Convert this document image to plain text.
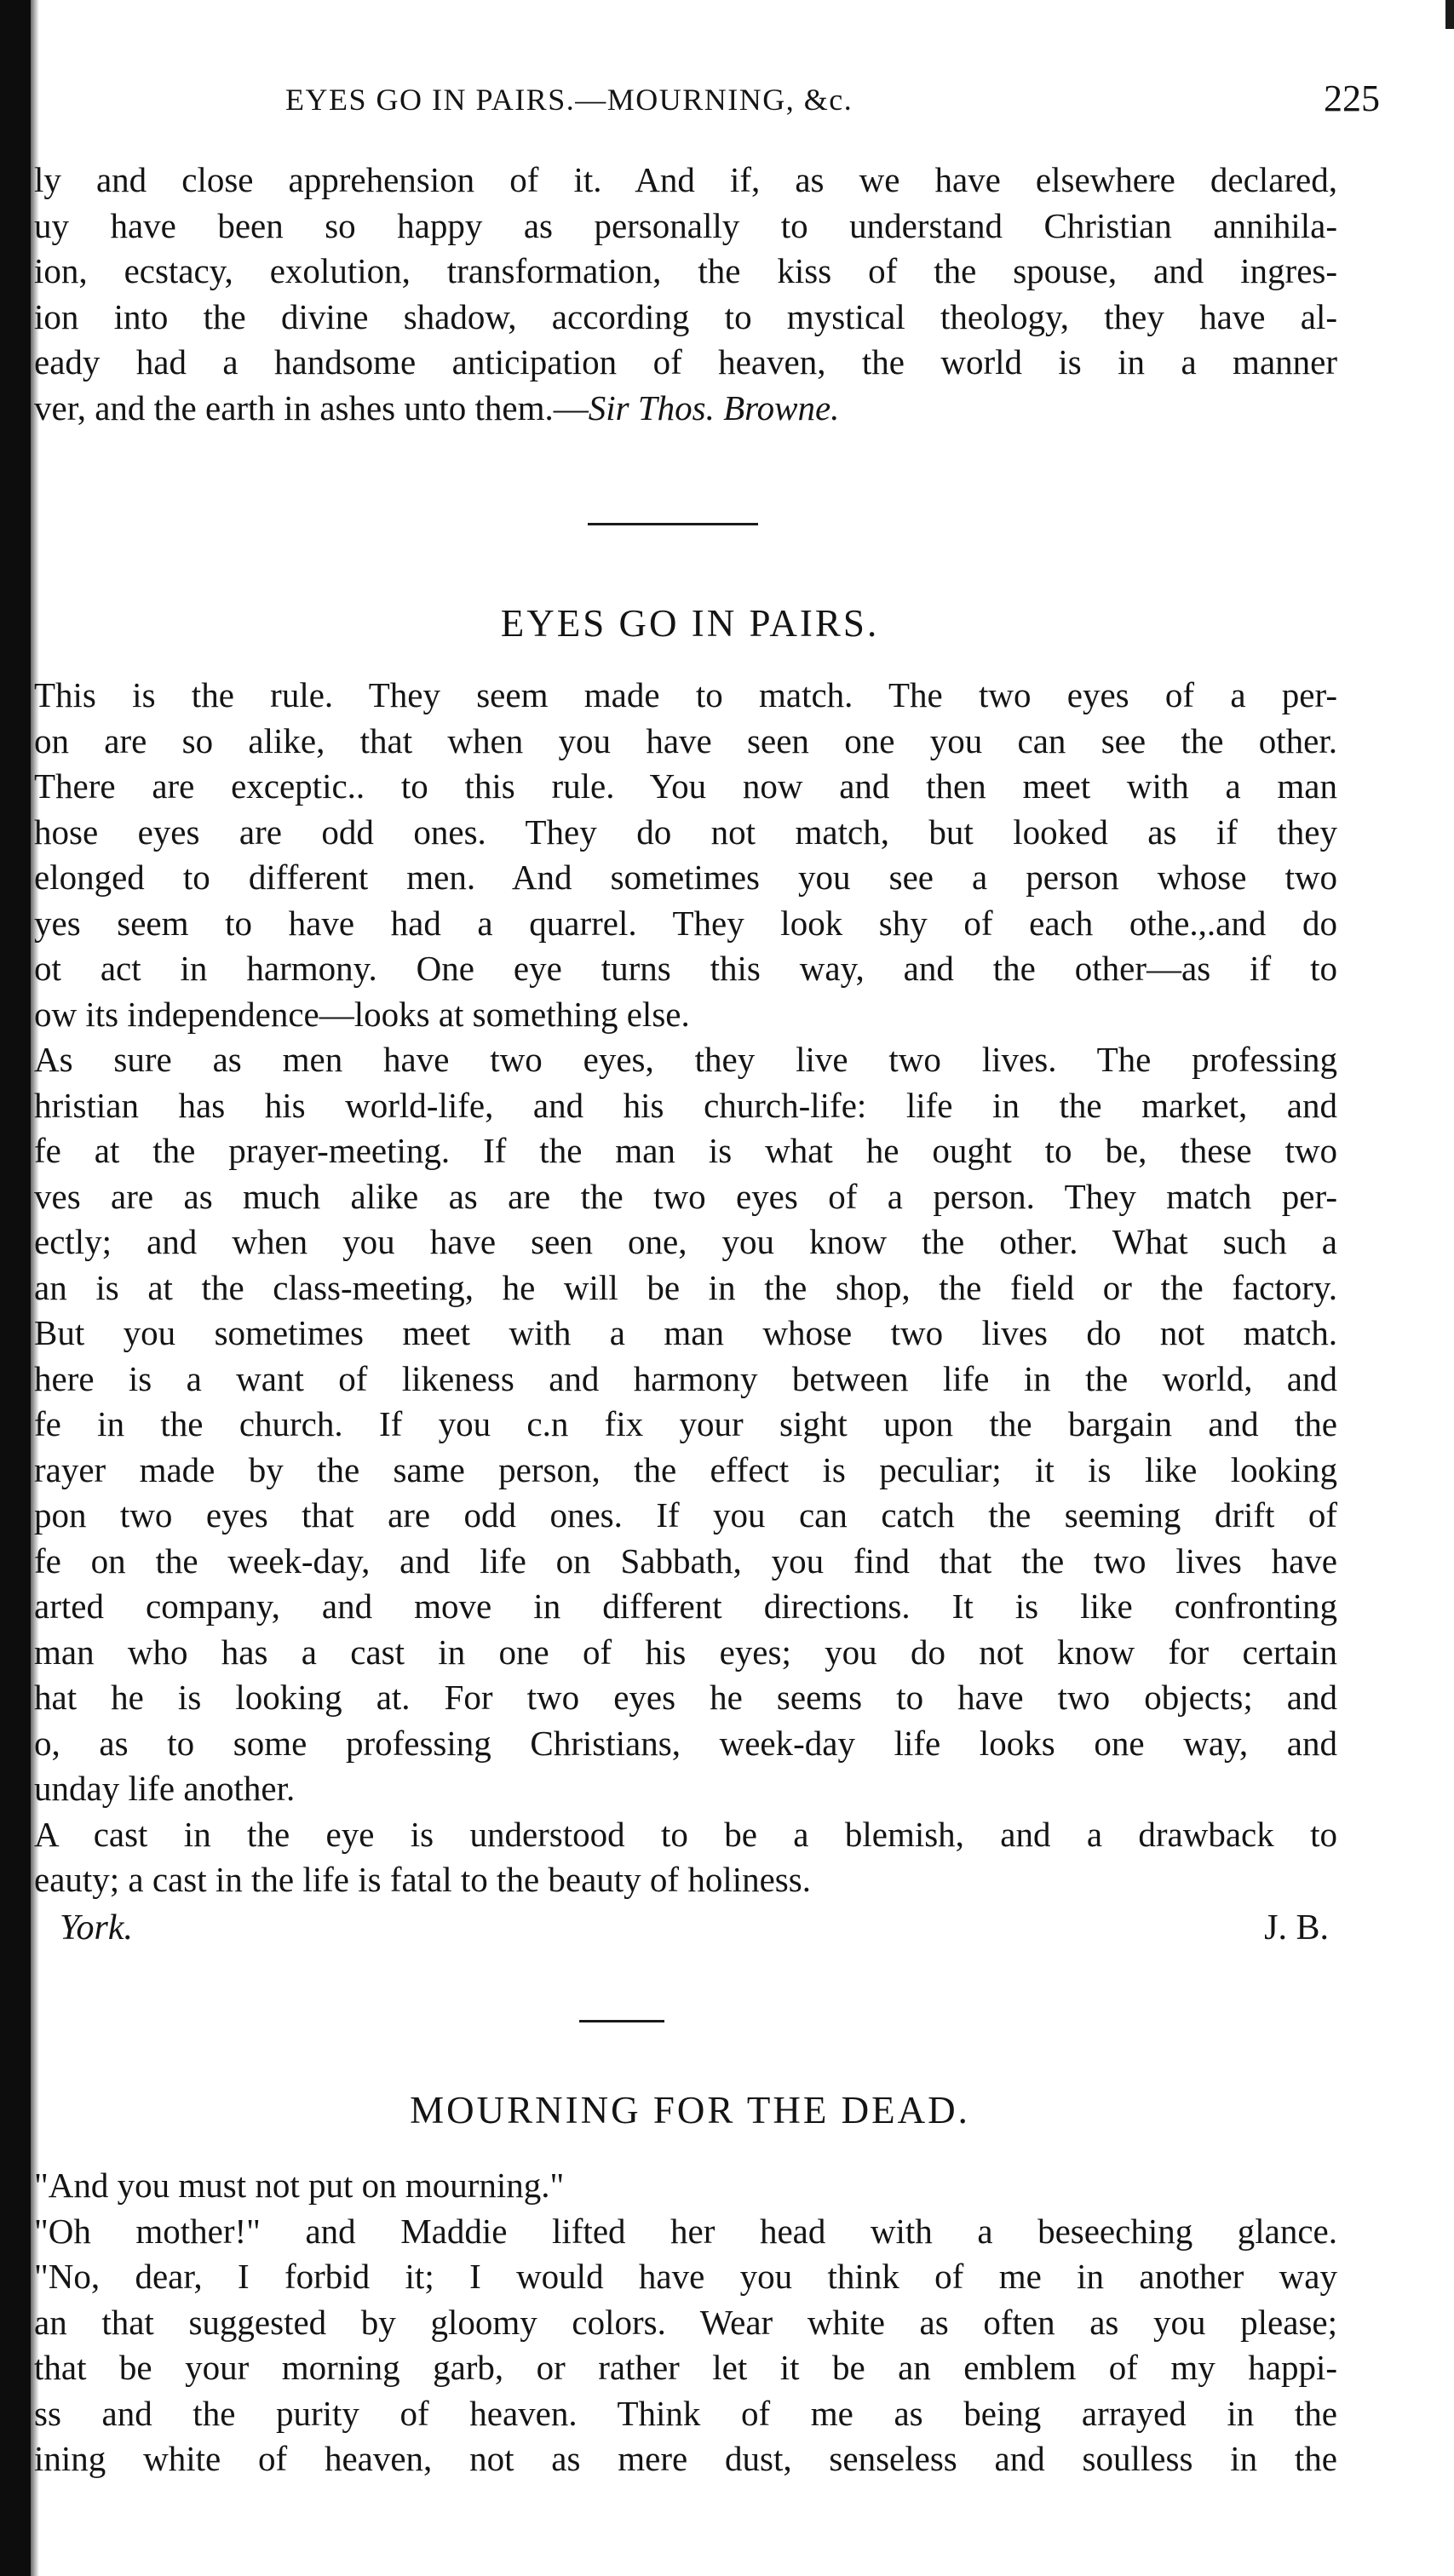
EYES GO IN PAIRS.—MOURNING, &c.	225
ly and close apprehension of it. And if, as we have elsewhere declared,
uy have been so happy as personally to understand Christian annihila-
ion, ecstacy, exolution, transformation, the kiss of the spouse, and ingres-
ion into the divine shadow, according to mystical theology, they have al-
eady had a handsome anticipation of heaven, the world is in a manner
ver, and the earth in ashes unto them.—Sir Thos. Browne.
EYES GO IN PAIRS.
This is the rule. They seem made to match. The two eyes of a per-
on are so alike, that when you have seen one you can see the other.
There are exceptic.. to this rule. You now and then meet with a man
hose eyes are odd ones. They do not match, but looked as if they
elonged to different men. And sometimes you see a person whose two
yes seem to have had a quarrel. They look shy of each othe.,.and do
ot act in harmony. One eye turns this way, and the other—as if to
ow its independence—looks at something else.
As sure as men have two eyes, they live two lives. The professing
hristian has his world-life, and his church-life: life in the market, and
fe at the prayer-meeting. If the man is what he ought to be, these two
ves are as much alike as are the two eyes of a person. They match per-
ectly; and when you have seen one, you know the other. What such a
an is at the class-meeting, he will be in the shop, the field or the factory.
But you sometimes meet with a man whose two lives do not match.
here is a want of likeness and harmony between life in the world, and
fe in the church. If you c.n fix your sight upon the bargain and the
rayer made by the same person, the effect is peculiar; it is like looking
pon two eyes that are odd ones. If you can catch the seeming drift of
fe on the week-day, and life on Sabbath, you find that the two lives have
arted company, and move in different directions. It is like confronting
man who has a cast in one of his eyes; you do not know for certain
hat he is looking at. For two eyes he seems to have two objects; and
o, as to some professing Christians, week-day life looks one way, and
unday life another.
A cast in the eye is understood to be a blemish, and a drawback to
eauty; a cast in the life is fatal to the beauty of holiness.
York.	J. B.
MOURNING FOR THE DEAD.
"And you must not put on mourning."
"Oh mother!" and Maddie lifted her head with a beseeching glance.
"No, dear, I forbid it; I would have you think of me in another way
an that suggested by gloomy colors. Wear white as often as you please;
that be your morning garb, or rather let it be an emblem of my happi-
ss and the purity of heaven. Think of me as being arrayed in the
ining white of heaven, not as mere dust, senseless and soulless in the
